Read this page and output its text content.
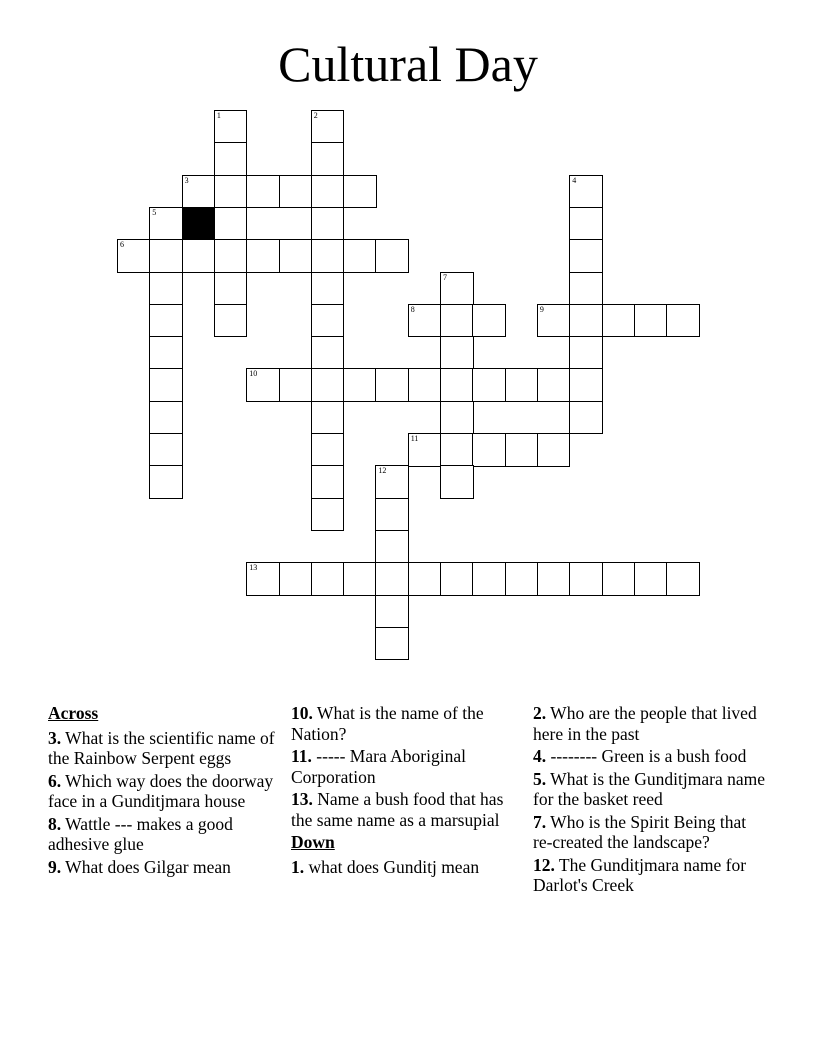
Cultural Day
1	2
3	4
5
6
7
8	9
10
11
12
13
Across
3. What is the scientific name of the Rainbow Serpent eggs
6. Which way does the doorway face in a Gunditjmara house
8. Wattle --- makes a good adhesive glue
9. What does Gilgar mean
10. What is the name of the Nation?
11. ----- Mara Aboriginal Corporation
13. Name a bush food that has the same name as a marsupial
Down
1. what does Gunditj mean
2. Who are the people that lived here in the past
4. -------- Green is a bush food
5. What is the Gunditjmara name for the basket reed
7. Who is the Spirit Being that re-created the landscape?
12. The Gunditjmara name for Darlot's Creek
